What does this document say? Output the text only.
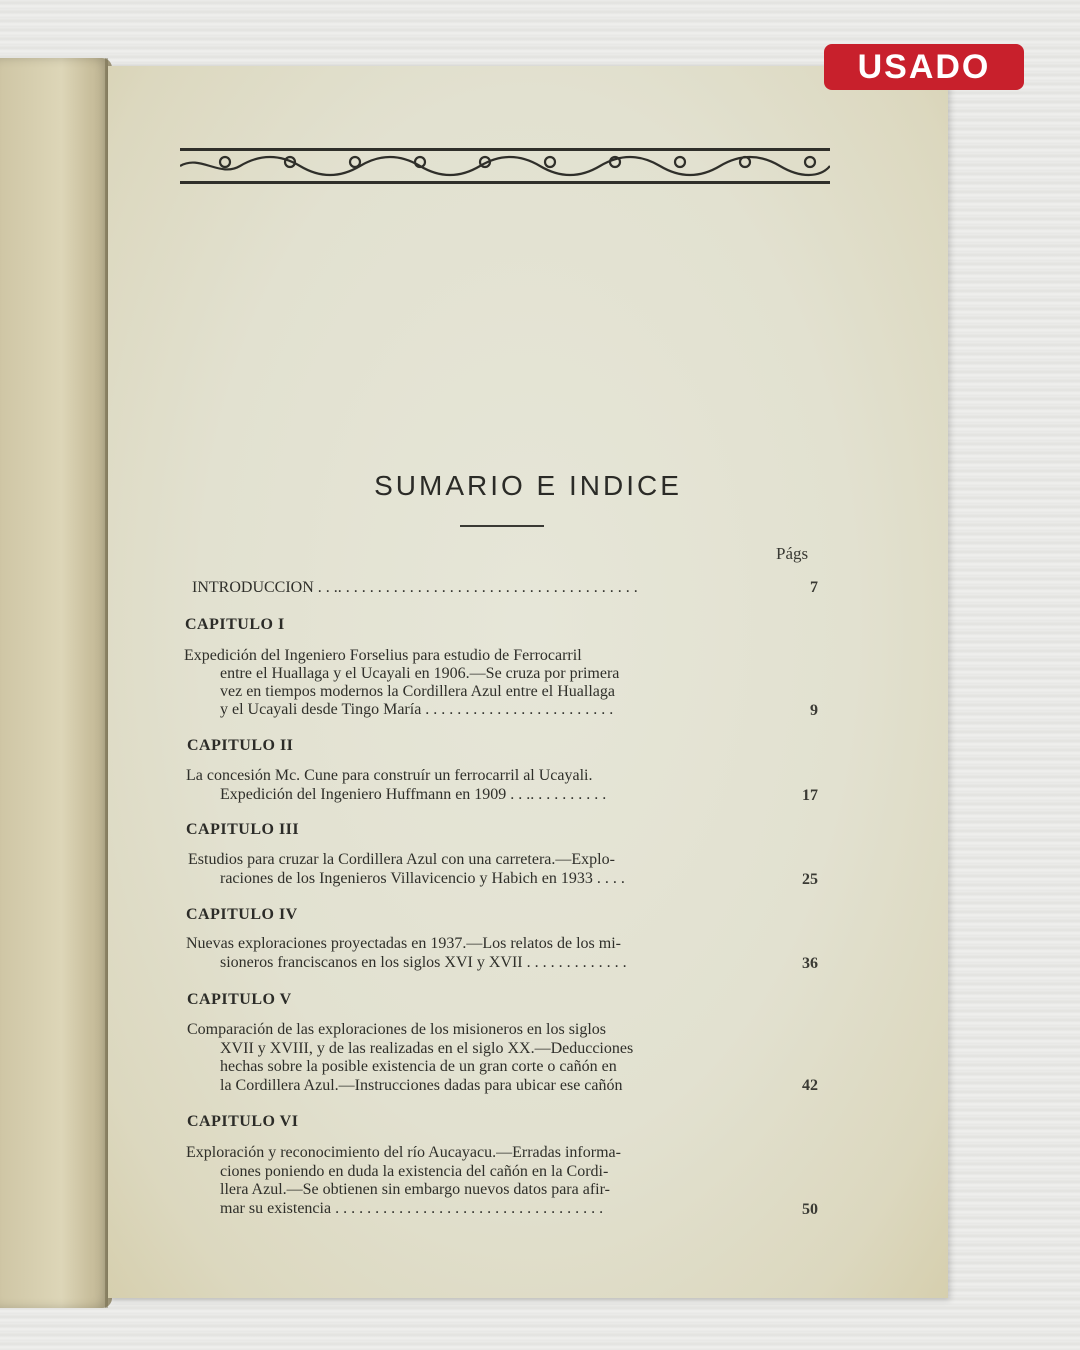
SUMARIO E INDICE
Págs
INTRODUCCION . . .. . . . . . . . . . . . . . . . . . . . . . . . . . . . . . . . . . . . . .	7
CAPITULO I
Expedición del Ingeniero Forselius para estudio de Ferrocarril
entre el Huallaga y el Ucayali en 1906.—Se cruza por primera
vez en tiempos modernos la Cordillera Azul entre el Huallaga
y el Ucayali desde Tingo María . . . . . . . . . . . . . . . . . . . . . . . .	9
CAPITULO II
La concesión Mc. Cune para construír un ferrocarril al Ucayali.
Expedición del Ingeniero Huffmann en 1909 . . .. . . . . . . . . .	17
CAPITULO III
Estudios para cruzar la Cordillera Azul con una carretera.—Explo-
raciones de los Ingenieros Villavicencio y Habich en 1933 . . . .	25
CAPITULO IV
Nuevas exploraciones proyectadas en 1937.—Los relatos de los mi-
sioneros franciscanos en los siglos XVI y XVII . . . . . . . . . . . . .	36
CAPITULO V
Comparación de las exploraciones de los misioneros en los siglos
XVII y XVIII, y de las realizadas en el siglo XX.—Deducciones
hechas sobre la posible existencia de un gran corte o cañón en
la Cordillera Azul.—Instrucciones dadas para ubicar ese cañón	42
CAPITULO VI
Exploración y reconocimiento del río Aucayacu.—Erradas informa-
ciones poniendo en duda la existencia del cañón en la Cordi-
llera Azul.—Se obtienen sin embargo nuevos datos para afir-
mar su existencia . . . . . . . . . . . . . . . . . . . . . . . . . . . . . . . . . .	50
USADO
